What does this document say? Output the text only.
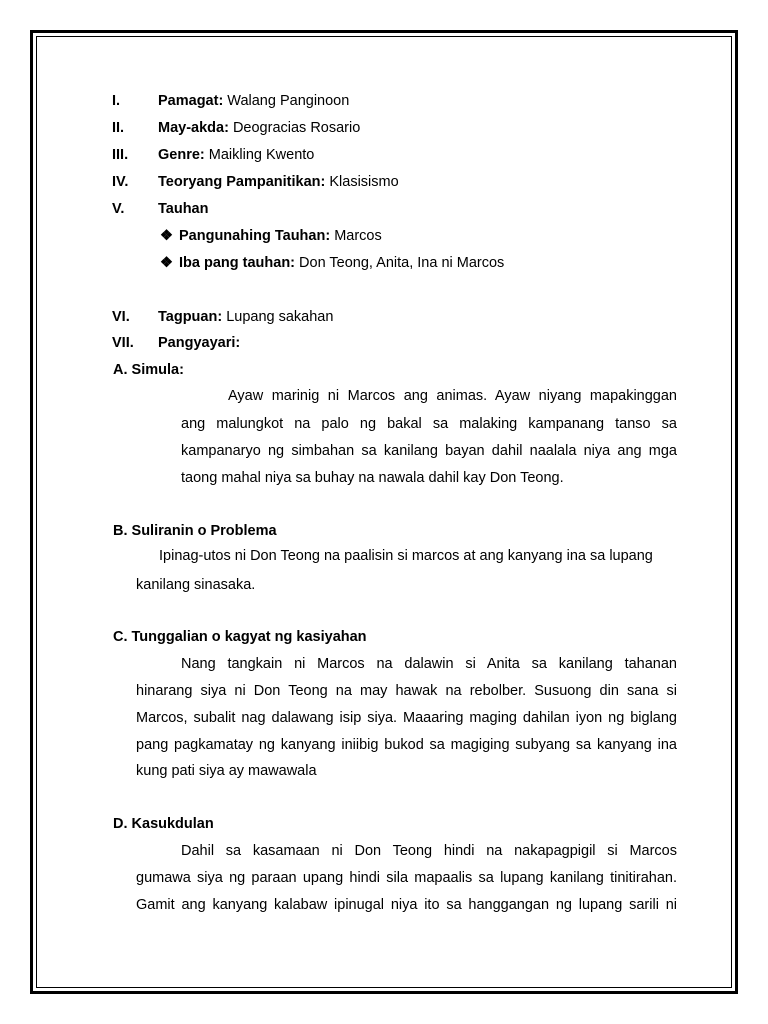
I.	Pamagat: Walang Panginoon
II. May-akda: Deogracias Rosario
III. Genre: Maikling Kwento
IV. Teoryang Pampanitikan: Klasisismo
V. Tauhan
❖ Pangunahing Tauhan: Marcos
❖ Iba pang tauhan: Don Teong, Anita, Ina ni Marcos
VI. Tagpuan: Lupang sakahan
VII. Pangyayari:
A. Simula:
Ayaw marinig ni Marcos ang animas. Ayaw niyang mapakinggan
ang malungkot na palo ng bakal sa malaking kampanang tanso sa
kampanaryo ng simbahan sa kanilang bayan dahil naalala niya ang mga
taong mahal niya sa buhay na nawala dahil kay Don Teong.
B. Suliranin o Problema
Ipinag-utos ni Don Teong na paalisin si marcos at ang kanyang ina sa lupang
kanilang sinasaka.
C. Tunggalian o kagyat ng kasiyahan
Nang tangkain ni Marcos na dalawin si Anita sa kanilang tahanan
hinarang siya ni Don Teong na may hawak na rebolber. Susuong din sana si
Marcos, subalit nag dalawang isip siya. Maaaring maging dahilan iyon ng biglang
pang pagkamatay ng kanyang iniibig bukod sa magiging subyang sa kanyang ina
kung pati siya ay mawawala
D. Kasukdulan
Dahil sa kasamaan ni Don Teong hindi na nakapagpigil si Marcos
gumawa siya ng paraan upang hindi sila mapaalis sa lupang kanilang tinitirahan.
Gamit ang kanyang kalabaw ipinugal niya ito sa hanggangan ng lupang sarili ni
